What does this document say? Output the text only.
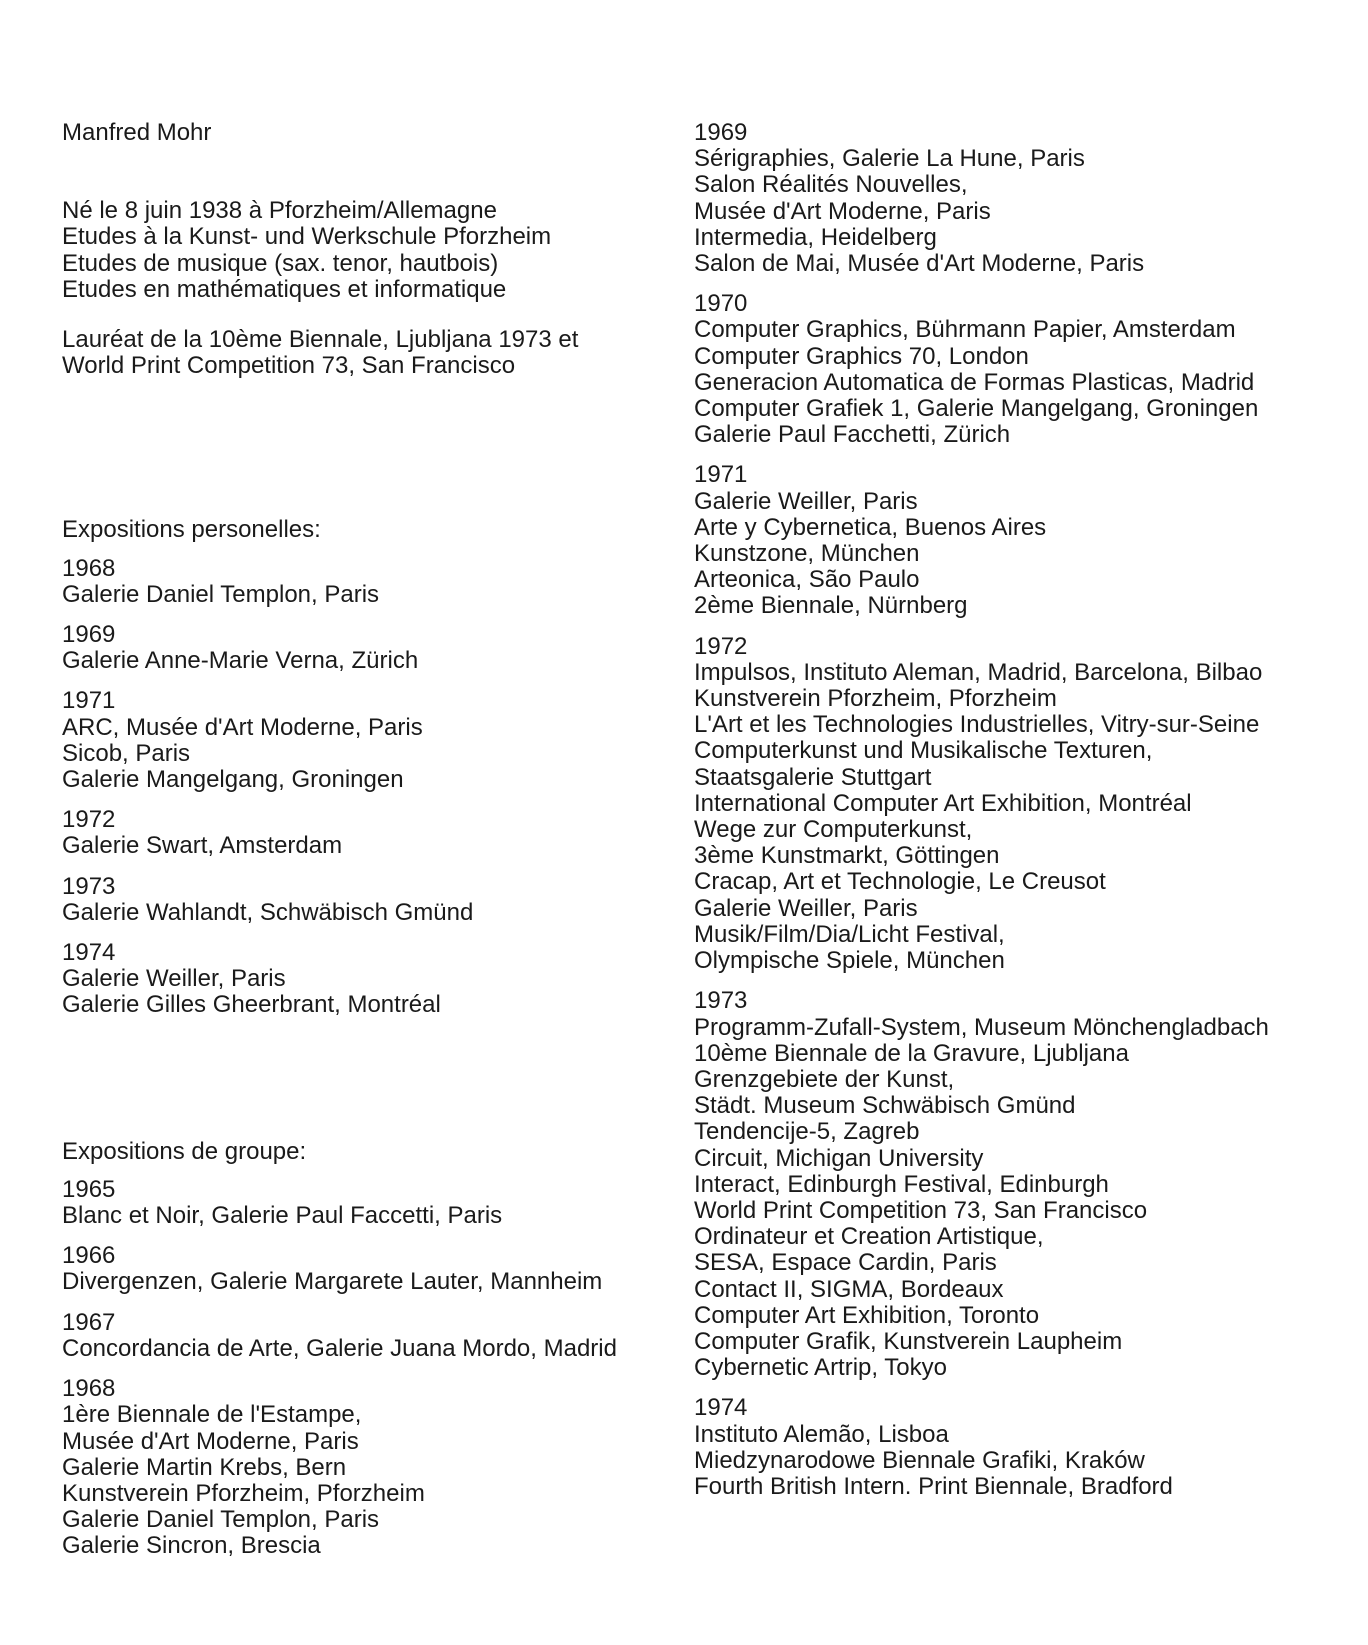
Manfred Mohr
Né le 8 juin 1938 à Pforzheim/Allemagne
Etudes à la Kunst- und Werkschule Pforzheim
Etudes de musique (sax. tenor, hautbois)
Etudes en mathématiques et informatique
Lauréat de la 10ème Biennale, Ljubljana 1973 et
World Print Competition 73, San Francisco
Expositions personelles:
1968
Galerie Daniel Templon, Paris
1969
Galerie Anne-Marie Verna, Zürich
1971
ARC, Musée d'Art Moderne, Paris
Sicob, Paris
Galerie Mangelgang, Groningen
1972
Galerie Swart, Amsterdam
1973
Galerie Wahlandt, Schwäbisch Gmünd
1974
Galerie Weiller, Paris
Galerie Gilles Gheerbrant, Montréal
Expositions de groupe:
1965
Blanc et Noir, Galerie Paul Faccetti, Paris
1966
Divergenzen, Galerie Margarete Lauter, Mannheim
1967
Concordancia de Arte, Galerie Juana Mordo, Madrid
1968
1ère Biennale de l'Estampe,
Musée d'Art Moderne, Paris
Galerie Martin Krebs, Bern
Kunstverein Pforzheim, Pforzheim
Galerie Daniel Templon, Paris
Galerie Sincron, Brescia
1969
Sérigraphies, Galerie La Hune, Paris
Salon Réalités Nouvelles,
Musée d'Art Moderne, Paris
Intermedia, Heidelberg
Salon de Mai, Musée d'Art Moderne, Paris
1970
Computer Graphics, Bührmann Papier, Amsterdam
Computer Graphics 70, London
Generacion Automatica de Formas Plasticas, Madrid
Computer Grafiek 1, Galerie Mangelgang, Groningen
Galerie Paul Facchetti, Zürich
1971
Galerie Weiller, Paris
Arte y Cybernetica, Buenos Aires
Kunstzone, München
Arteonica, São Paulo
2ème Biennale, Nürnberg
1972
Impulsos, Instituto Aleman, Madrid, Barcelona, Bilbao
Kunstverein Pforzheim, Pforzheim
L'Art et les Technologies Industrielles, Vitry-sur-Seine
Computerkunst und Musikalische Texturen,
Staatsgalerie Stuttgart
International Computer Art Exhibition, Montréal
Wege zur Computerkunst,
3ème Kunstmarkt, Göttingen
Cracap, Art et Technologie, Le Creusot
Galerie Weiller, Paris
Musik/Film/Dia/Licht Festival,
Olympische Spiele, München
1973
Programm-Zufall-System, Museum Mönchengladbach
10ème Biennale de la Gravure, Ljubljana
Grenzgebiete der Kunst,
Städt. Museum Schwäbisch Gmünd
Tendencije-5, Zagreb
Circuit, Michigan University
Interact, Edinburgh Festival, Edinburgh
World Print Competition 73, San Francisco
Ordinateur et Creation Artistique,
SESA, Espace Cardin, Paris
Contact II, SIGMA, Bordeaux
Computer Art Exhibition, Toronto
Computer Grafik, Kunstverein Laupheim
Cybernetic Artrip, Tokyo
1974
Instituto Alemão, Lisboa
Miedzynarodowe Biennale Grafiki, Kraków
Fourth British Intern. Print Biennale, Bradford
